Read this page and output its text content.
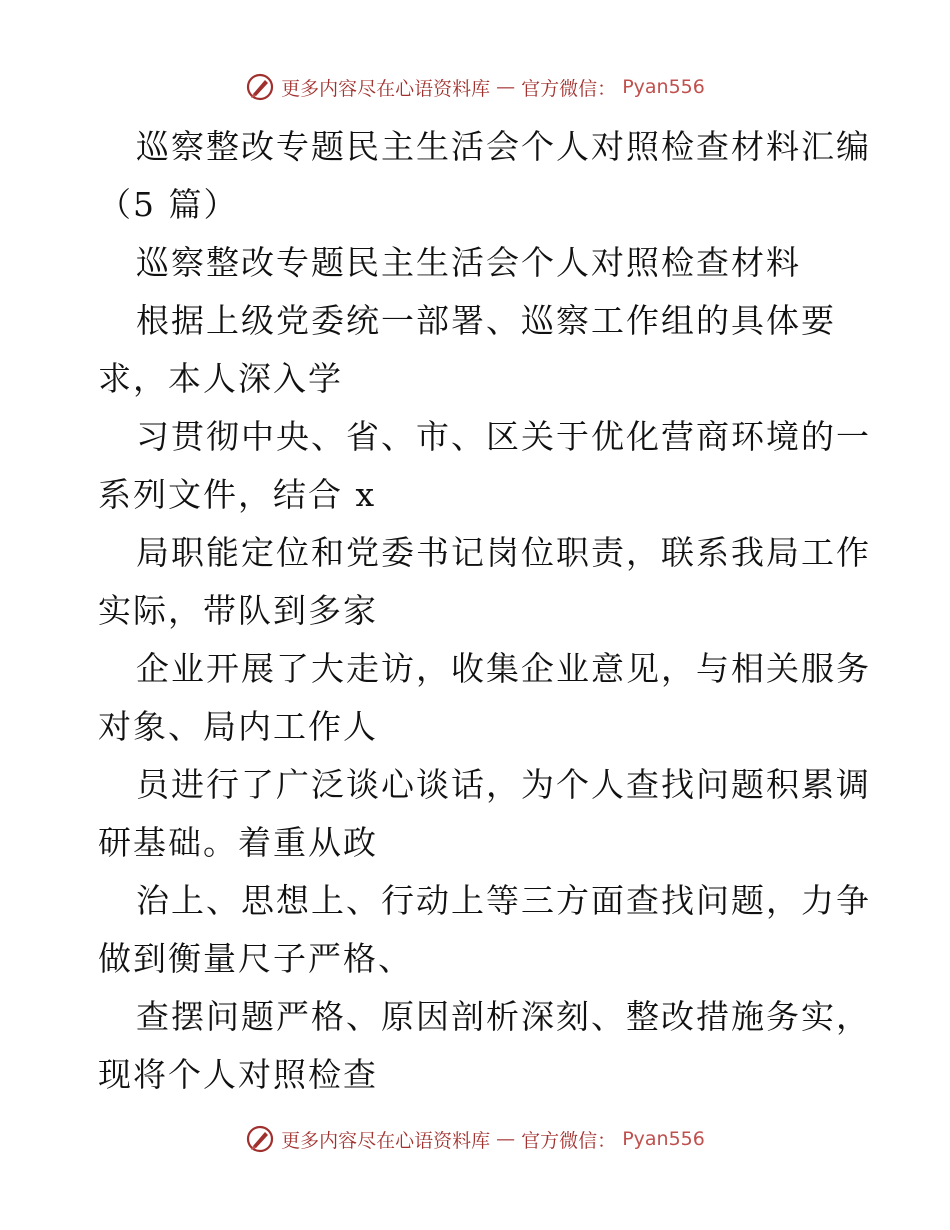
更多内容尽在心语资料库 — 官方微信： Pyan556
巡察整改专题民主生活会个人对照检查材料汇编
（5 篇）
巡察整改专题民主生活会个人对照检查材料
根据上级党委统一部署、巡察工作组的具体要
求，本人深入学
习贯彻中央、省、市、区关于优化营商环境的一
系列文件，结合 x
局职能定位和党委书记岗位职责，联系我局工作
实际，带队到多家
企业开展了大走访，收集企业意见，与相关服务
对象、局内工作人
员进行了广泛谈心谈话，为个人查找问题积累调
研基础。着重从政
治上、思想上、行动上等三方面查找问题，力争
做到衡量尺子严格、
查摆问题严格、原因剖析深刻、整改措施务实，
现将个人对照检查
更多内容尽在心语资料库 — 官方微信： Pyan556
